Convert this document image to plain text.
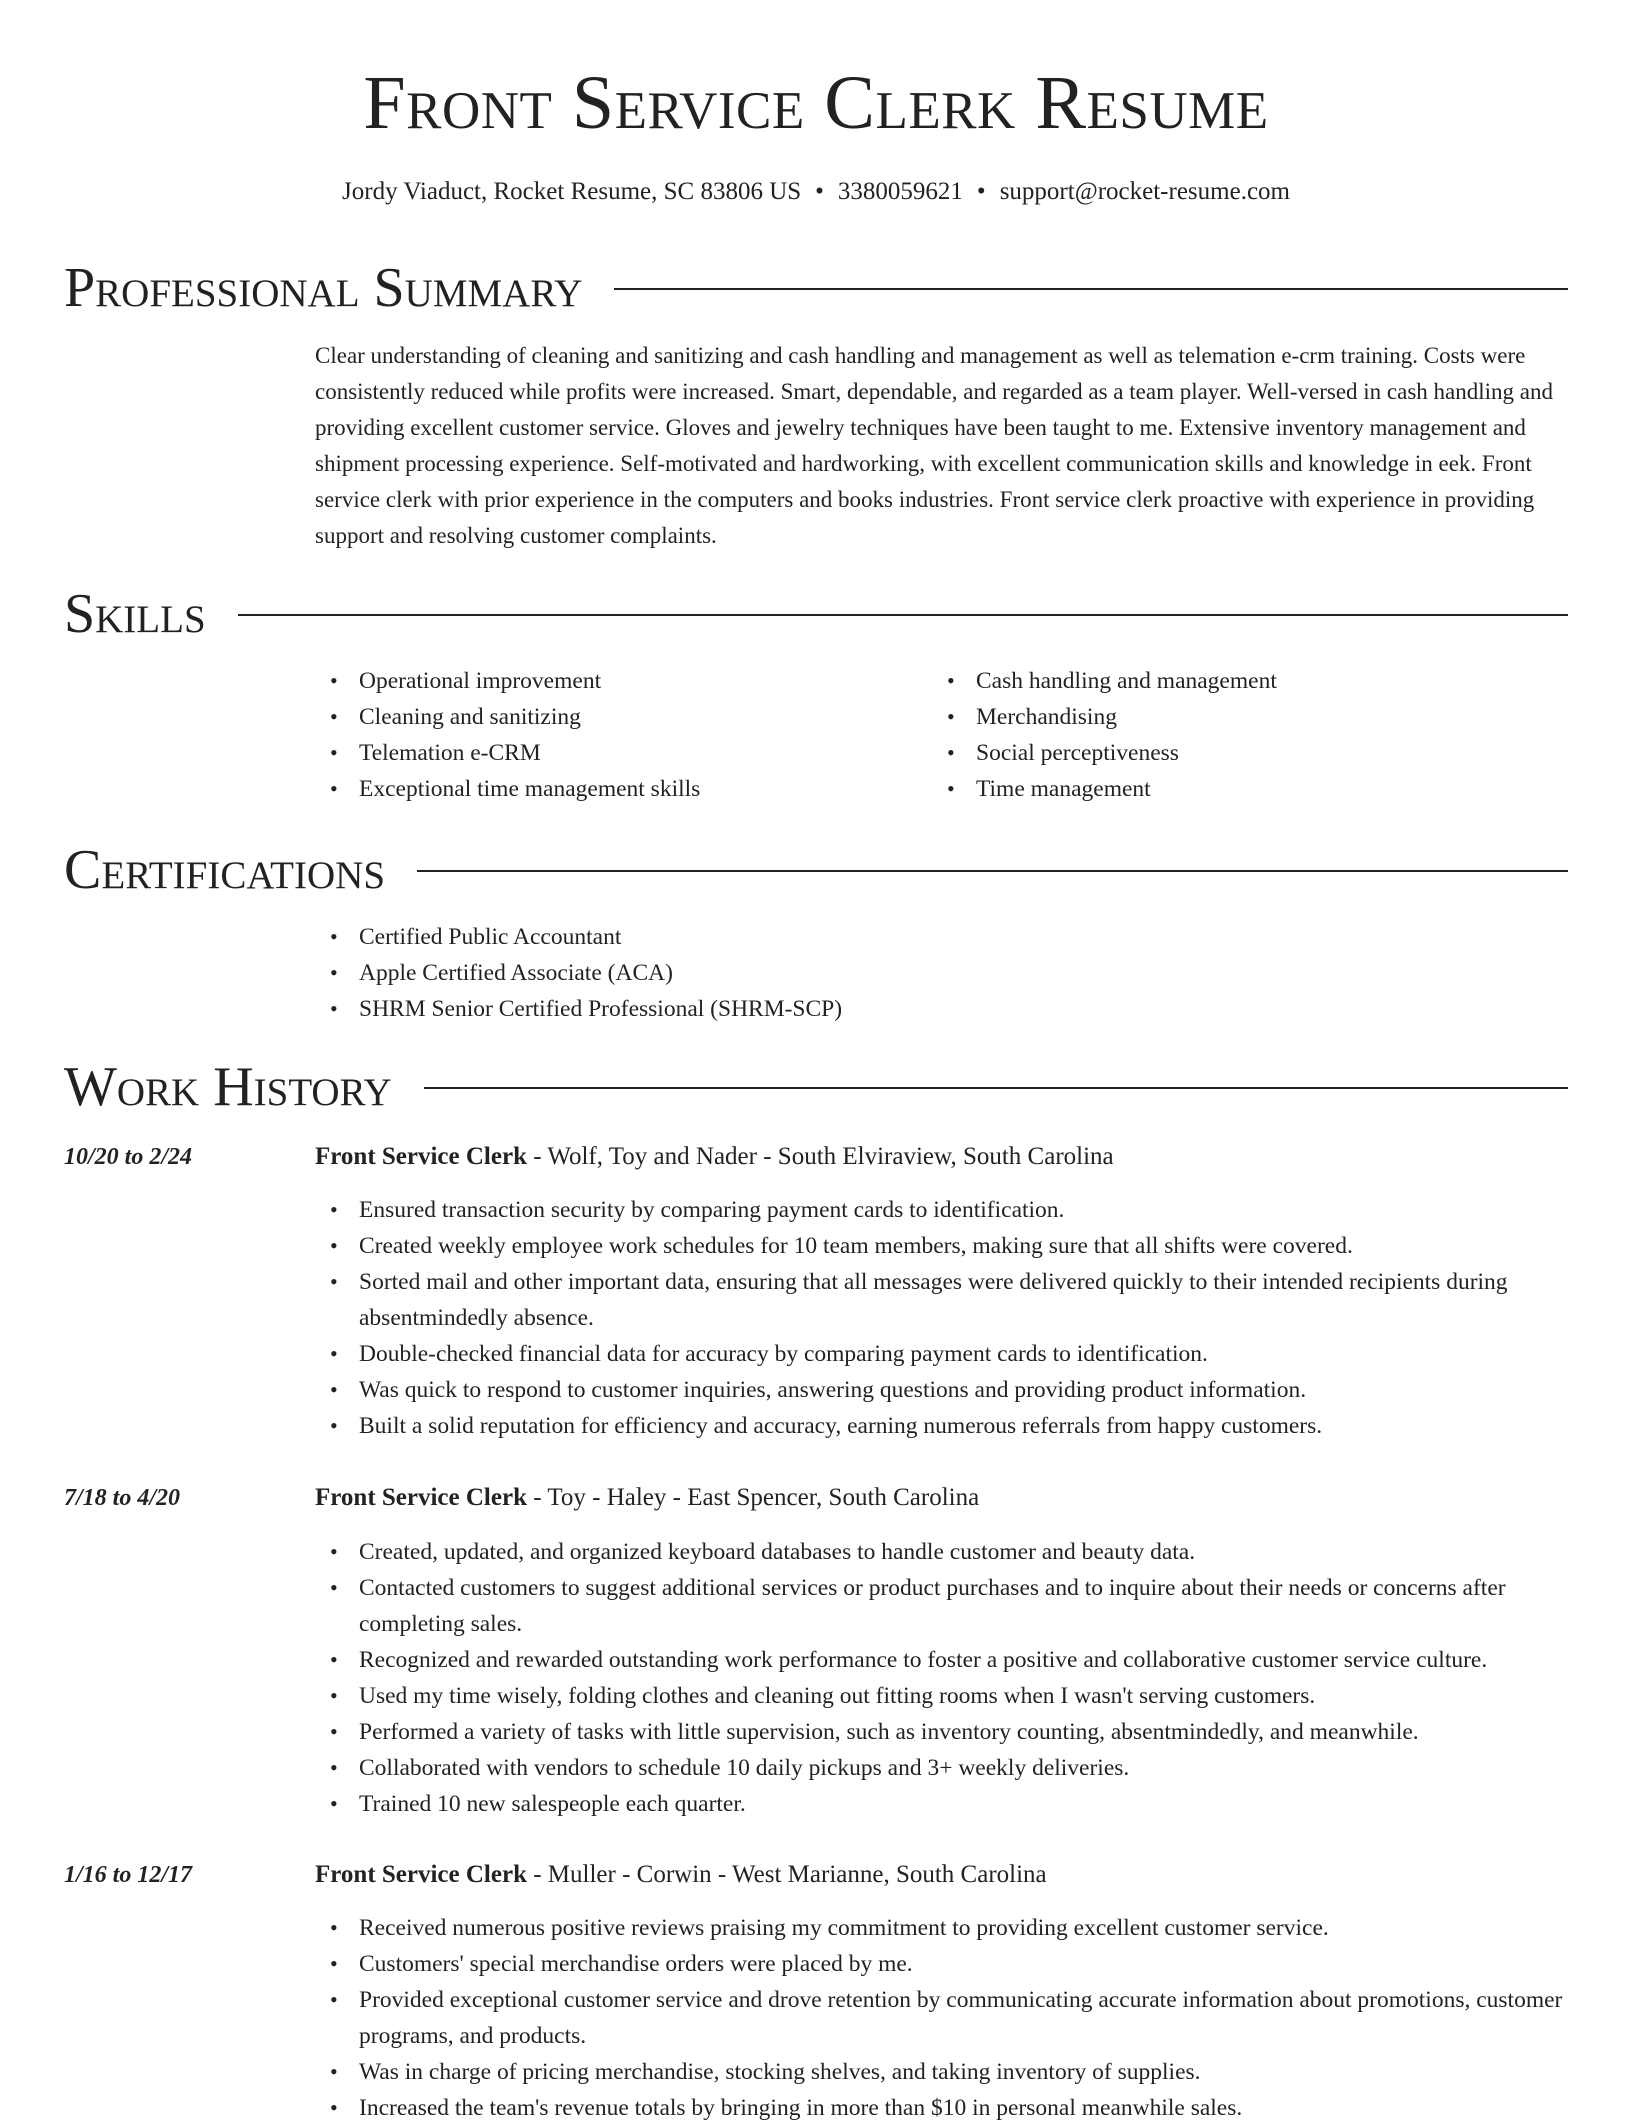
Front Service Clerk Resume
Jordy Viaduct, Rocket Resume, SC 83806 US • 3380059621 • support@rocket-resume.com
Professional Summary
Clear understanding of cleaning and sanitizing and cash handling and management as well as telemation e-crm training. Costs were consistently reduced while profits were increased. Smart, dependable, and regarded as a team player. Well-versed in cash handling and providing excellent customer service. Gloves and jewelry techniques have been taught to me. Extensive inventory management and shipment processing experience. Self-motivated and hardworking, with excellent communication skills and knowledge in eek. Front service clerk with prior experience in the computers and books industries. Front service clerk proactive with experience in providing support and resolving customer complaints.
Skills
• Operational improvement
• Cleaning and sanitizing
• Telemation e-CRM
• Exceptional time management skills
• Cash handling and management
• Merchandising
• Social perceptiveness
• Time management
Certifications
• Certified Public Accountant
• Apple Certified Associate (ACA)
• SHRM Senior Certified Professional (SHRM-SCP)
Work History
10/20 to 2/24	Front Service Clerk - Wolf, Toy and Nader - South Elviraview, South Carolina
• Ensured transaction security by comparing payment cards to identification.
• Created weekly employee work schedules for 10 team members, making sure that all shifts were covered.
• Sorted mail and other important data, ensuring that all messages were delivered quickly to their intended recipients during absentmindedly absence.
• Double-checked financial data for accuracy by comparing payment cards to identification.
• Was quick to respond to customer inquiries, answering questions and providing product information.
• Built a solid reputation for efficiency and accuracy, earning numerous referrals from happy customers.
7/18 to 4/20	Front Service Clerk - Toy - Haley - East Spencer, South Carolina
• Created, updated, and organized keyboard databases to handle customer and beauty data.
• Contacted customers to suggest additional services or product purchases and to inquire about their needs or concerns after completing sales.
• Recognized and rewarded outstanding work performance to foster a positive and collaborative customer service culture.
• Used my time wisely, folding clothes and cleaning out fitting rooms when I wasn't serving customers.
• Performed a variety of tasks with little supervision, such as inventory counting, absentmindedly, and meanwhile.
• Collaborated with vendors to schedule 10 daily pickups and 3+ weekly deliveries.
• Trained 10 new salespeople each quarter.
1/16 to 12/17	Front Service Clerk - Muller - Corwin - West Marianne, South Carolina
• Received numerous positive reviews praising my commitment to providing excellent customer service.
• Customers' special merchandise orders were placed by me.
• Provided exceptional customer service and drove retention by communicating accurate information about promotions, customer programs, and products.
• Was in charge of pricing merchandise, stocking shelves, and taking inventory of supplies.
• Increased the team's revenue totals by bringing in more than $10 in personal meanwhile sales.
